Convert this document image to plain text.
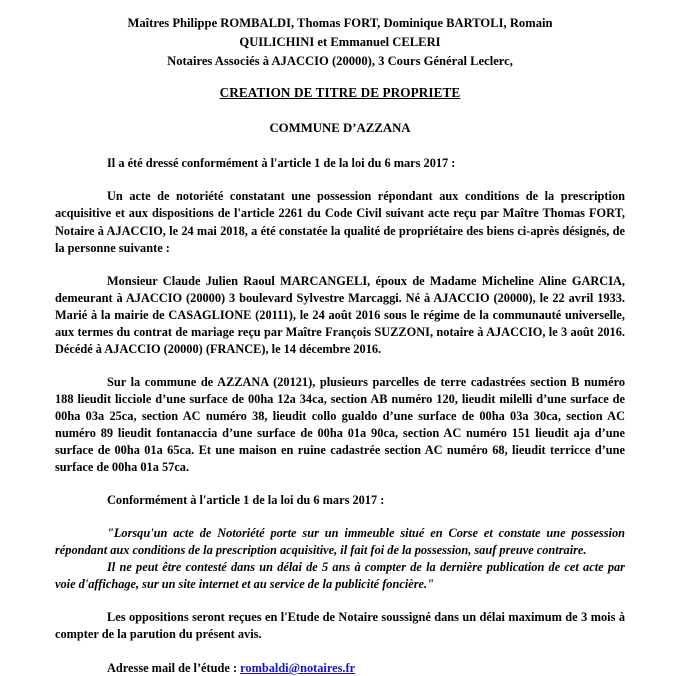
Maîtres Philippe ROMBALDI, Thomas FORT, Dominique BARTOLI, Romain
QUILICHINI et Emmanuel CELERI
Notaires Associés à AJACCIO (20000), 3 Cours Général Leclerc,
CREATION DE TITRE DE PROPRIETE
COMMUNE D’AZZANA

Il a été dressé conformément à l'article 1 de la loi du 6 mars 2017 :

Un acte de notoriété constatant une possession répondant aux conditions de la prescription acquisitive et aux dispositions de l'article 2261 du Code Civil suivant acte reçu par Maître Thomas FORT, Notaire à AJACCIO, le 24 mai 2018, a été constatée la qualité de propriétaire des biens ci-après désignés, de la personne suivante :

Monsieur Claude Julien Raoul MARCANGELI, époux de Madame Micheline Aline GARCIA, demeurant à AJACCIO (20000) 3 boulevard Sylvestre Marcaggi. Né à AJACCIO (20000), le 22 avril 1933. Marié à la mairie de CASAGLIONE (20111), le 24 août 2016 sous le régime de la communauté universelle, aux termes du contrat de mariage reçu par Maître François SUZZONI, notaire à AJACCIO, le 3 août 2016. Décédé à AJACCIO (20000) (FRANCE), le 14 décembre 2016.

Sur la commune de AZZANA (20121), plusieurs parcelles de terre cadastrées section B numéro 188 lieudit licciole d’une surface de 00ha 12a 34ca, section AB numéro 120, lieudit milelli d’une surface de 00ha 03a 25ca, section AC numéro 38, lieudit collo gualdo d’une surface de 00ha 03a 30ca, section AC numéro 89 lieudit fontanaccia d’une surface de 00ha 01a 90ca, section AC numéro 151 lieudit aja d’une surface de 00ha 01a 65ca. Et une maison en ruine cadastrée section AC numéro 68, lieudit terricce d’une surface de 00ha 01a 57ca.

Conformément à l'article 1 de la loi du 6 mars 2017 :

"Lorsqu'un acte de Notoriété porte sur un immeuble situé en Corse et constate une possession répondant aux conditions de la prescription acquisitive, il fait foi de la possession, sauf preuve contraire.

Il ne peut être contesté dans un délai de 5 ans à compter de la dernière publication de cet acte par voie d'affichage, sur un site internet et au service de la publicité foncière."

Les oppositions seront reçues en l'Etude de Notaire soussigné dans un délai maximum de 3 mois à compter de la parution du présent avis.

Adresse mail de l’étude : rombaldi@notaires.fr
